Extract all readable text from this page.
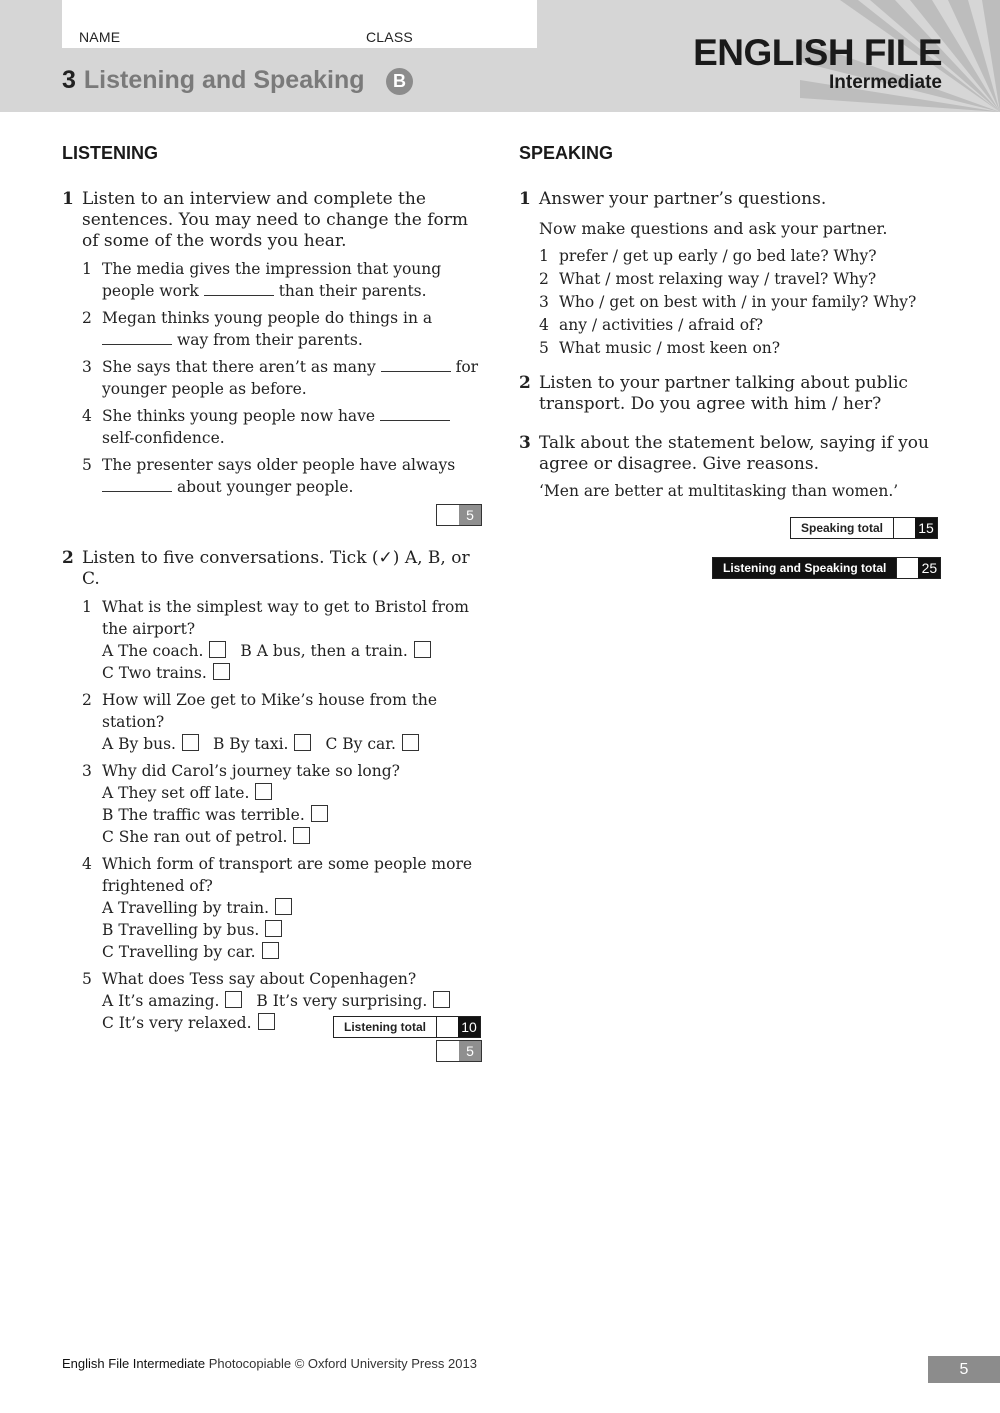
NAME	CLASS
3 Listening and Speaking	B
ENGLISH FILE
Intermediate
LISTENING
1 Listen to an interview and complete the sentences. You may need to change the form of some of the words you hear.
1 The media gives the impression that young people work	than their parents.
2 Megan thinks young people do things in a  way from their parents.
3 She says that there aren’t as many	for younger people as before.
4 She thinks young people now have  self-confidence.
5 The presenter says older people have always  about younger people.
5
2 Listen to five conversations. Tick (✓) A, B, or C.
1 What is the simplest way to get to Bristol from the airport?
A The coach. B A bus, then a train.
C Two trains.
2 How will Zoe get to Mike’s house from the station?
A By bus. B By taxi. C By car.
3 Why did Carol’s journey take so long?
A They set off late.
B The traffic was terrible.
C She ran out of petrol.
4 Which form of transport are some people more frightened of?
A Travelling by train.B Travelling by bus.
C Travelling by car.
5 What does Tess say about Copenhagen?
A It’s amazing. B It’s very surprising.
C It’s very relaxed.
5
Listening total	10
SPEAKING
1 Answer your partner’s questions.
Now make questions and ask your partner.
1 prefer / get up early / go bed late? Why?
2 What / most relaxing way / travel? Why?
3 Who / get on best with / in your family? Why?
4 any / activities / afraid of?
5 What music / most keen on?
2 Listen to your partner talking about public transport. Do you agree with him / her?
3 Talk about the statement below, saying if you agree or disagree. Give reasons.
‘Men are better at multitasking than women.’
Speaking total	15
Listening and Speaking total	25
English File Intermediate Photocopiable © Oxford University Press 2013	5
